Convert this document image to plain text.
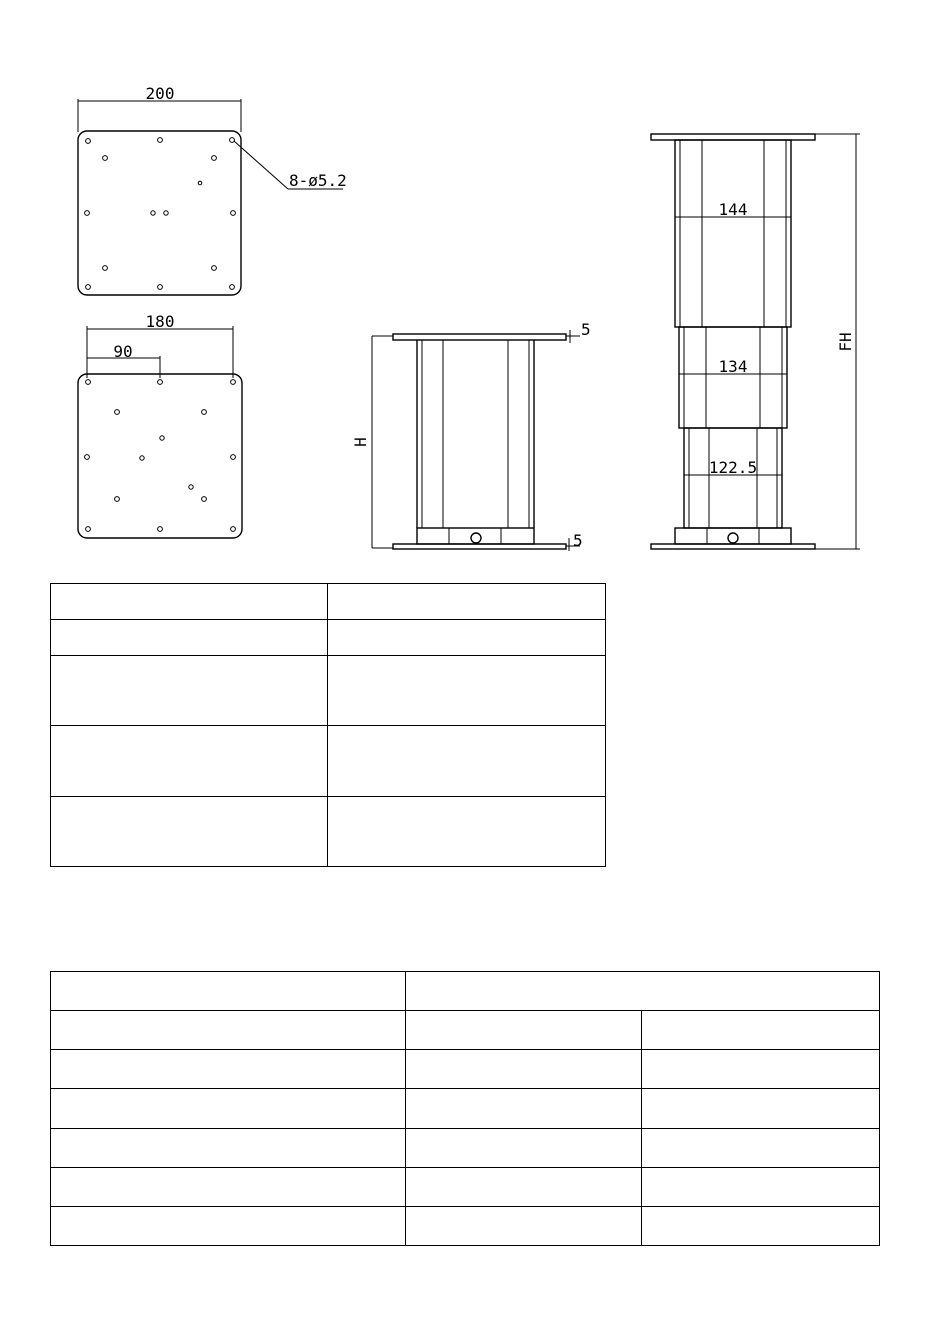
200
8-ø5.2
180
90
H
5
5
144
134
122.5
FH
